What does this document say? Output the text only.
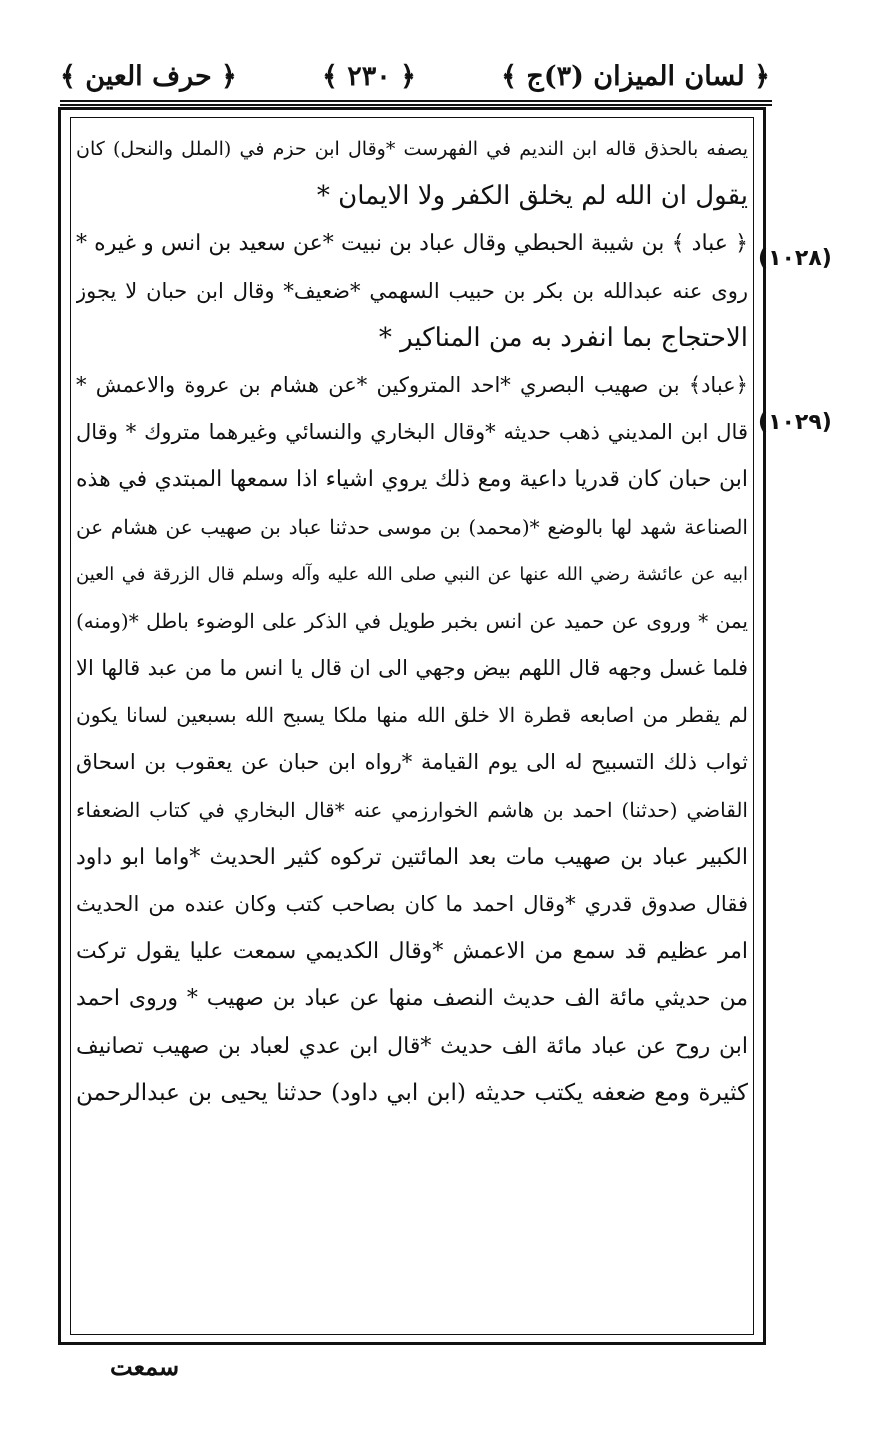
﴿ لسان الميزان (٣)ج ﴾
﴿ ٢٣٠ ﴾
﴿ حرف العين ﴾
(١٠٢٨)
(١٠٢٩)
يصفه بالحذق قاله ابن النديم في الفهرست *وقال ابن حزم في (الملل والنحل) كان
يقول ان الله لم يخلق الكفر ولا الايمان *
﴿ عباد ﴾ بن شيبة الحبطي وقال عباد بن نبيت *عن سعيد بن انس و غيره *
روى عنه عبدالله بن بكر بن حبيب السهمي *ضعيف* وقال ابن حبان لا يجوز
الاحتجاج بما انفرد به من المناكير *
﴿عباد﴾ بن صهيب البصري *احد المتروكين *عن هشام بن عروة والاعمش *
قال ابن المديني ذهب حديثه *وقال البخاري والنسائي وغيرهما متروك * وقال
ابن حبان كان قدريا داعية ومع ذلك يروي اشياء اذا سمعها المبتدي في هذه
الصناعة شهد لها بالوضع *(محمد) بن موسى حدثنا عباد بن صهيب عن هشام عن
ابيه عن عائشة رضي الله عنها عن النبي صلى الله عليه وآله وسلم قال الزرقة في العين
يمن * وروى عن حميد عن انس بخبر طويل في الذكر على الوضوء باطل *(ومنه)
فلما غسل وجهه قال اللهم بيض وجهي الى ان قال يا انس ما من عبد قالها الا
لم يقطر من اصابعه قطرة الا خلق الله منها ملكا يسبح الله بسبعين لسانا يكون
ثواب ذلك التسبيح له الى يوم القيامة *رواه ابن حبان عن يعقوب بن اسحاق
القاضي (حدثنا) احمد بن هاشم الخوارزمي عنه *قال البخاري في كتاب الضعفاء
الكبير عباد بن صهيب مات بعد المائتين تركوه كثير الحديث *واما ابو داود
فقال صدوق قدري *وقال احمد ما كان بصاحب كتب وكان عنده من الحديث
امر عظيم قد سمع من الاعمش *وقال الكديمي سمعت عليا يقول تركت
من حديثي مائة الف حديث النصف منها عن عباد بن صهيب * وروى احمد
ابن روح عن عباد مائة الف حديث *قال ابن عدي لعباد بن صهيب تصانيف
كثيرة ومع ضعفه يكتب حديثه (ابن ابي داود) حدثنا يحيى بن عبدالرحمن
سمعت
